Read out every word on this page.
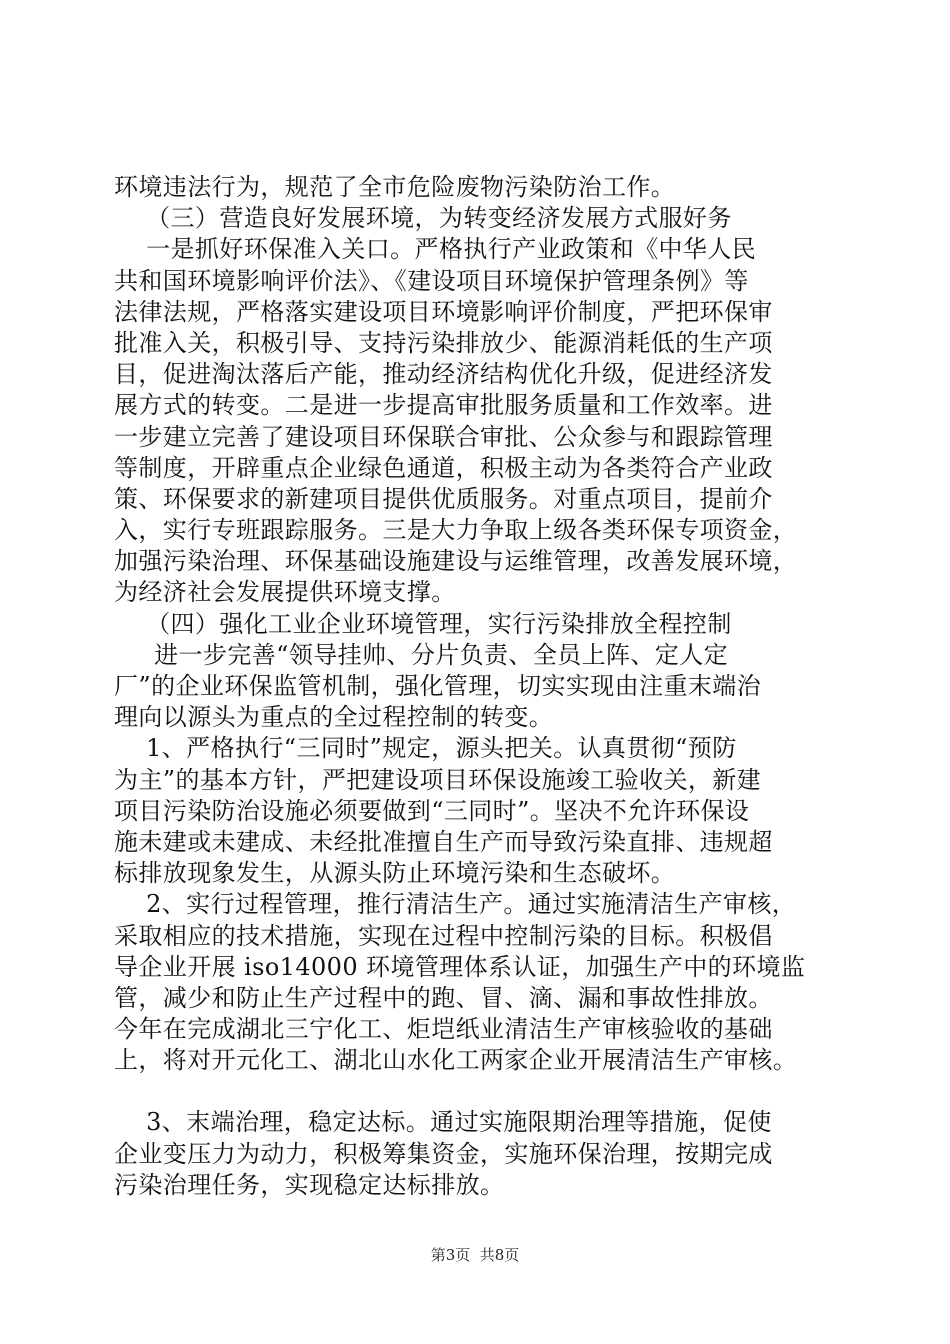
环境违法行为，规范了全市危险废物污染防治工作。
（三）营造良好发展环境，为转变经济发展方式服好务
一是抓好环保准入关口。严格执行产业政策和《中华人民
共和国环境影响评价法》、《建设项目环境保护管理条例》等
法律法规，严格落实建设项目环境影响评价制度，严把环保审
批准入关，积极引导、支持污染排放少、能源消耗低的生产项
目，促进淘汰落后产能，推动经济结构优化升级，促进经济发
展方式的转变。二是进一步提高审批服务质量和工作效率。进
一步建立完善了建设项目环保联合审批、公众参与和跟踪管理
等制度，开辟重点企业绿色通道，积极主动为各类符合产业政
策、环保要求的新建项目提供优质服务。对重点项目，提前介
入，实行专班跟踪服务。三是大力争取上级各类环保专项资金，
加强污染治理、环保基础设施建设与运维管理，改善发展环境，
为经济社会发展提供环境支撑。
（四）强化工业企业环境管理，实行污染排放全程控制
进一步完善“领导挂帅、分片负责、全员上阵、定人定
厂”的企业环保监管机制，强化管理，切实实现由注重末端治
理向以源头为重点的全过程控制的转变。
1、严格执行“三同时”规定，源头把关。认真贯彻“预防
为主”的基本方针，严把建设项目环保设施竣工验收关，新建
项目污染防治设施必须要做到“三同时”。坚决不允许环保设
施未建或未建成、未经批准擅自生产而导致污染直排、违规超
标排放现象发生，从源头防止环境污染和生态破坏。
2、实行过程管理，推行清洁生产。通过实施清洁生产审核，
采取相应的技术措施，实现在过程中控制污染的目标。积极倡
导企业开展 iso14000 环境管理体系认证，加强生产中的环境监
管，减少和防止生产过程中的跑、冒、滴、漏和事故性排放。
今年在完成湖北三宁化工、炬垲纸业清洁生产审核验收的基础
上，将对开元化工、湖北山水化工两家企业开展清洁生产审核。
3、末端治理，稳定达标。通过实施限期治理等措施，促使
企业变压力为动力，积极筹集资金，实施环保治理，按期完成
污染治理任务，实现稳定达标排放。
第3页  共8页
